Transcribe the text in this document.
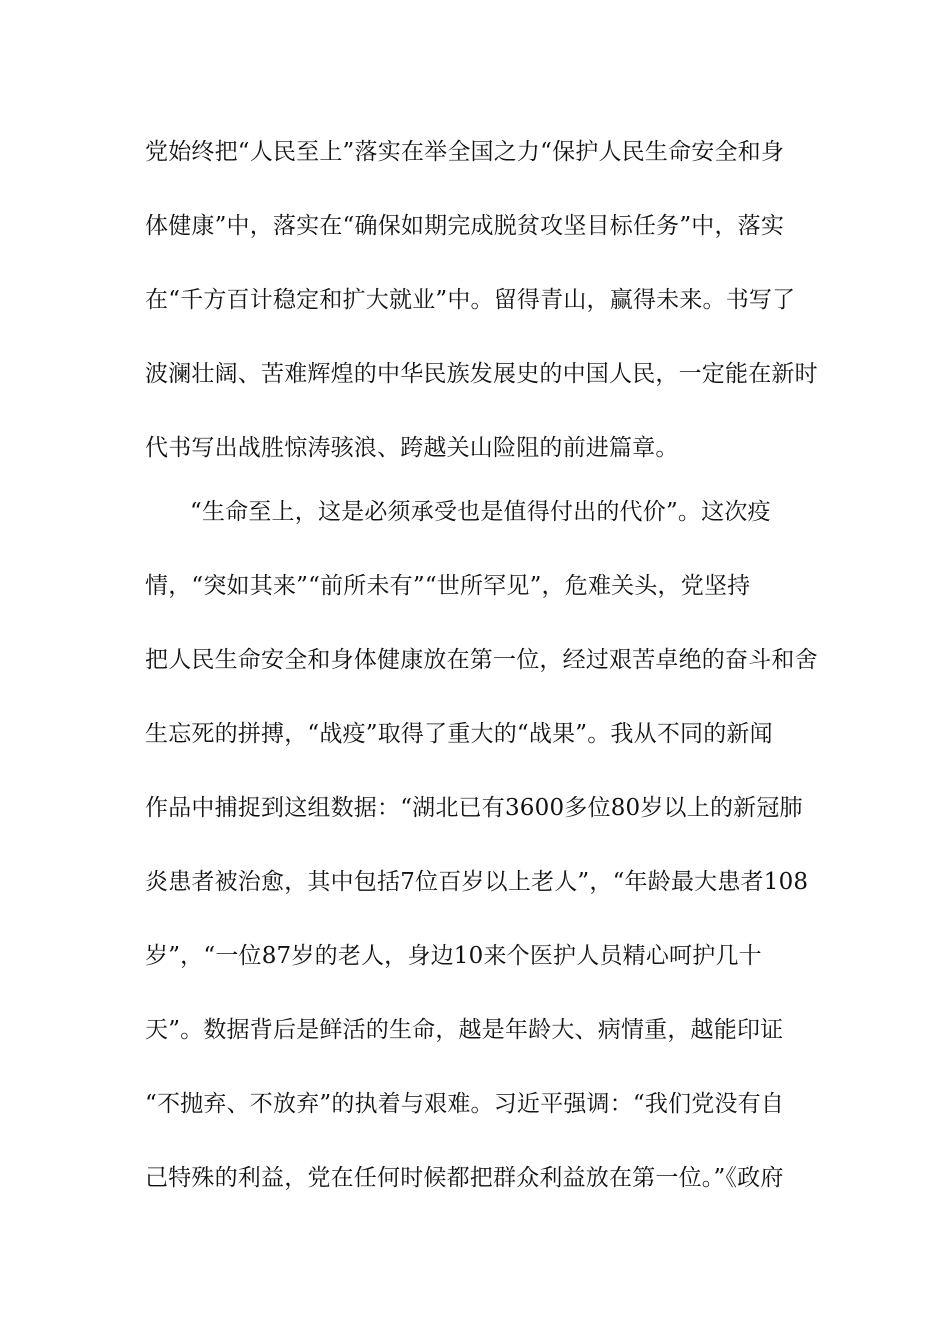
党始终把“人民至上”落实在举全国之力“保护人民生命安全和身
体健康”中，落实在“确保如期完成脱贫攻坚目标任务”中，落实
在“千方百计稳定和扩大就业”中。留得青山，赢得未来。书写了
波澜壮阔、苦难辉煌的中华民族发展史的中国人民，一定能在新时
代书写出战胜惊涛骇浪、跨越关山险阻的前进篇章。
“生命至上，这是必须承受也是值得付出的代价”。这次疫
情，“突如其来”“前所未有”“世所罕见”，危难关头，党坚持
把人民生命安全和身体健康放在第一位，经过艰苦卓绝的奋斗和舍
生忘死的拼搏，“战疫”取得了重大的“战果”。我从不同的新闻
作品中捕捉到这组数据：“湖北已有3600多位80岁以上的新冠肺
炎患者被治愈，其中包括7位百岁以上老人”，“年龄最大患者108
岁”，“一位87岁的老人，身边10来个医护人员精心呵护几十
天”。数据背后是鲜活的生命，越是年龄大、病情重，越能印证
“不抛弃、不放弃”的执着与艰难。习近平强调：“我们党没有自
己特殊的利益，党在任何时候都把群众利益放在第一位。”《政府
